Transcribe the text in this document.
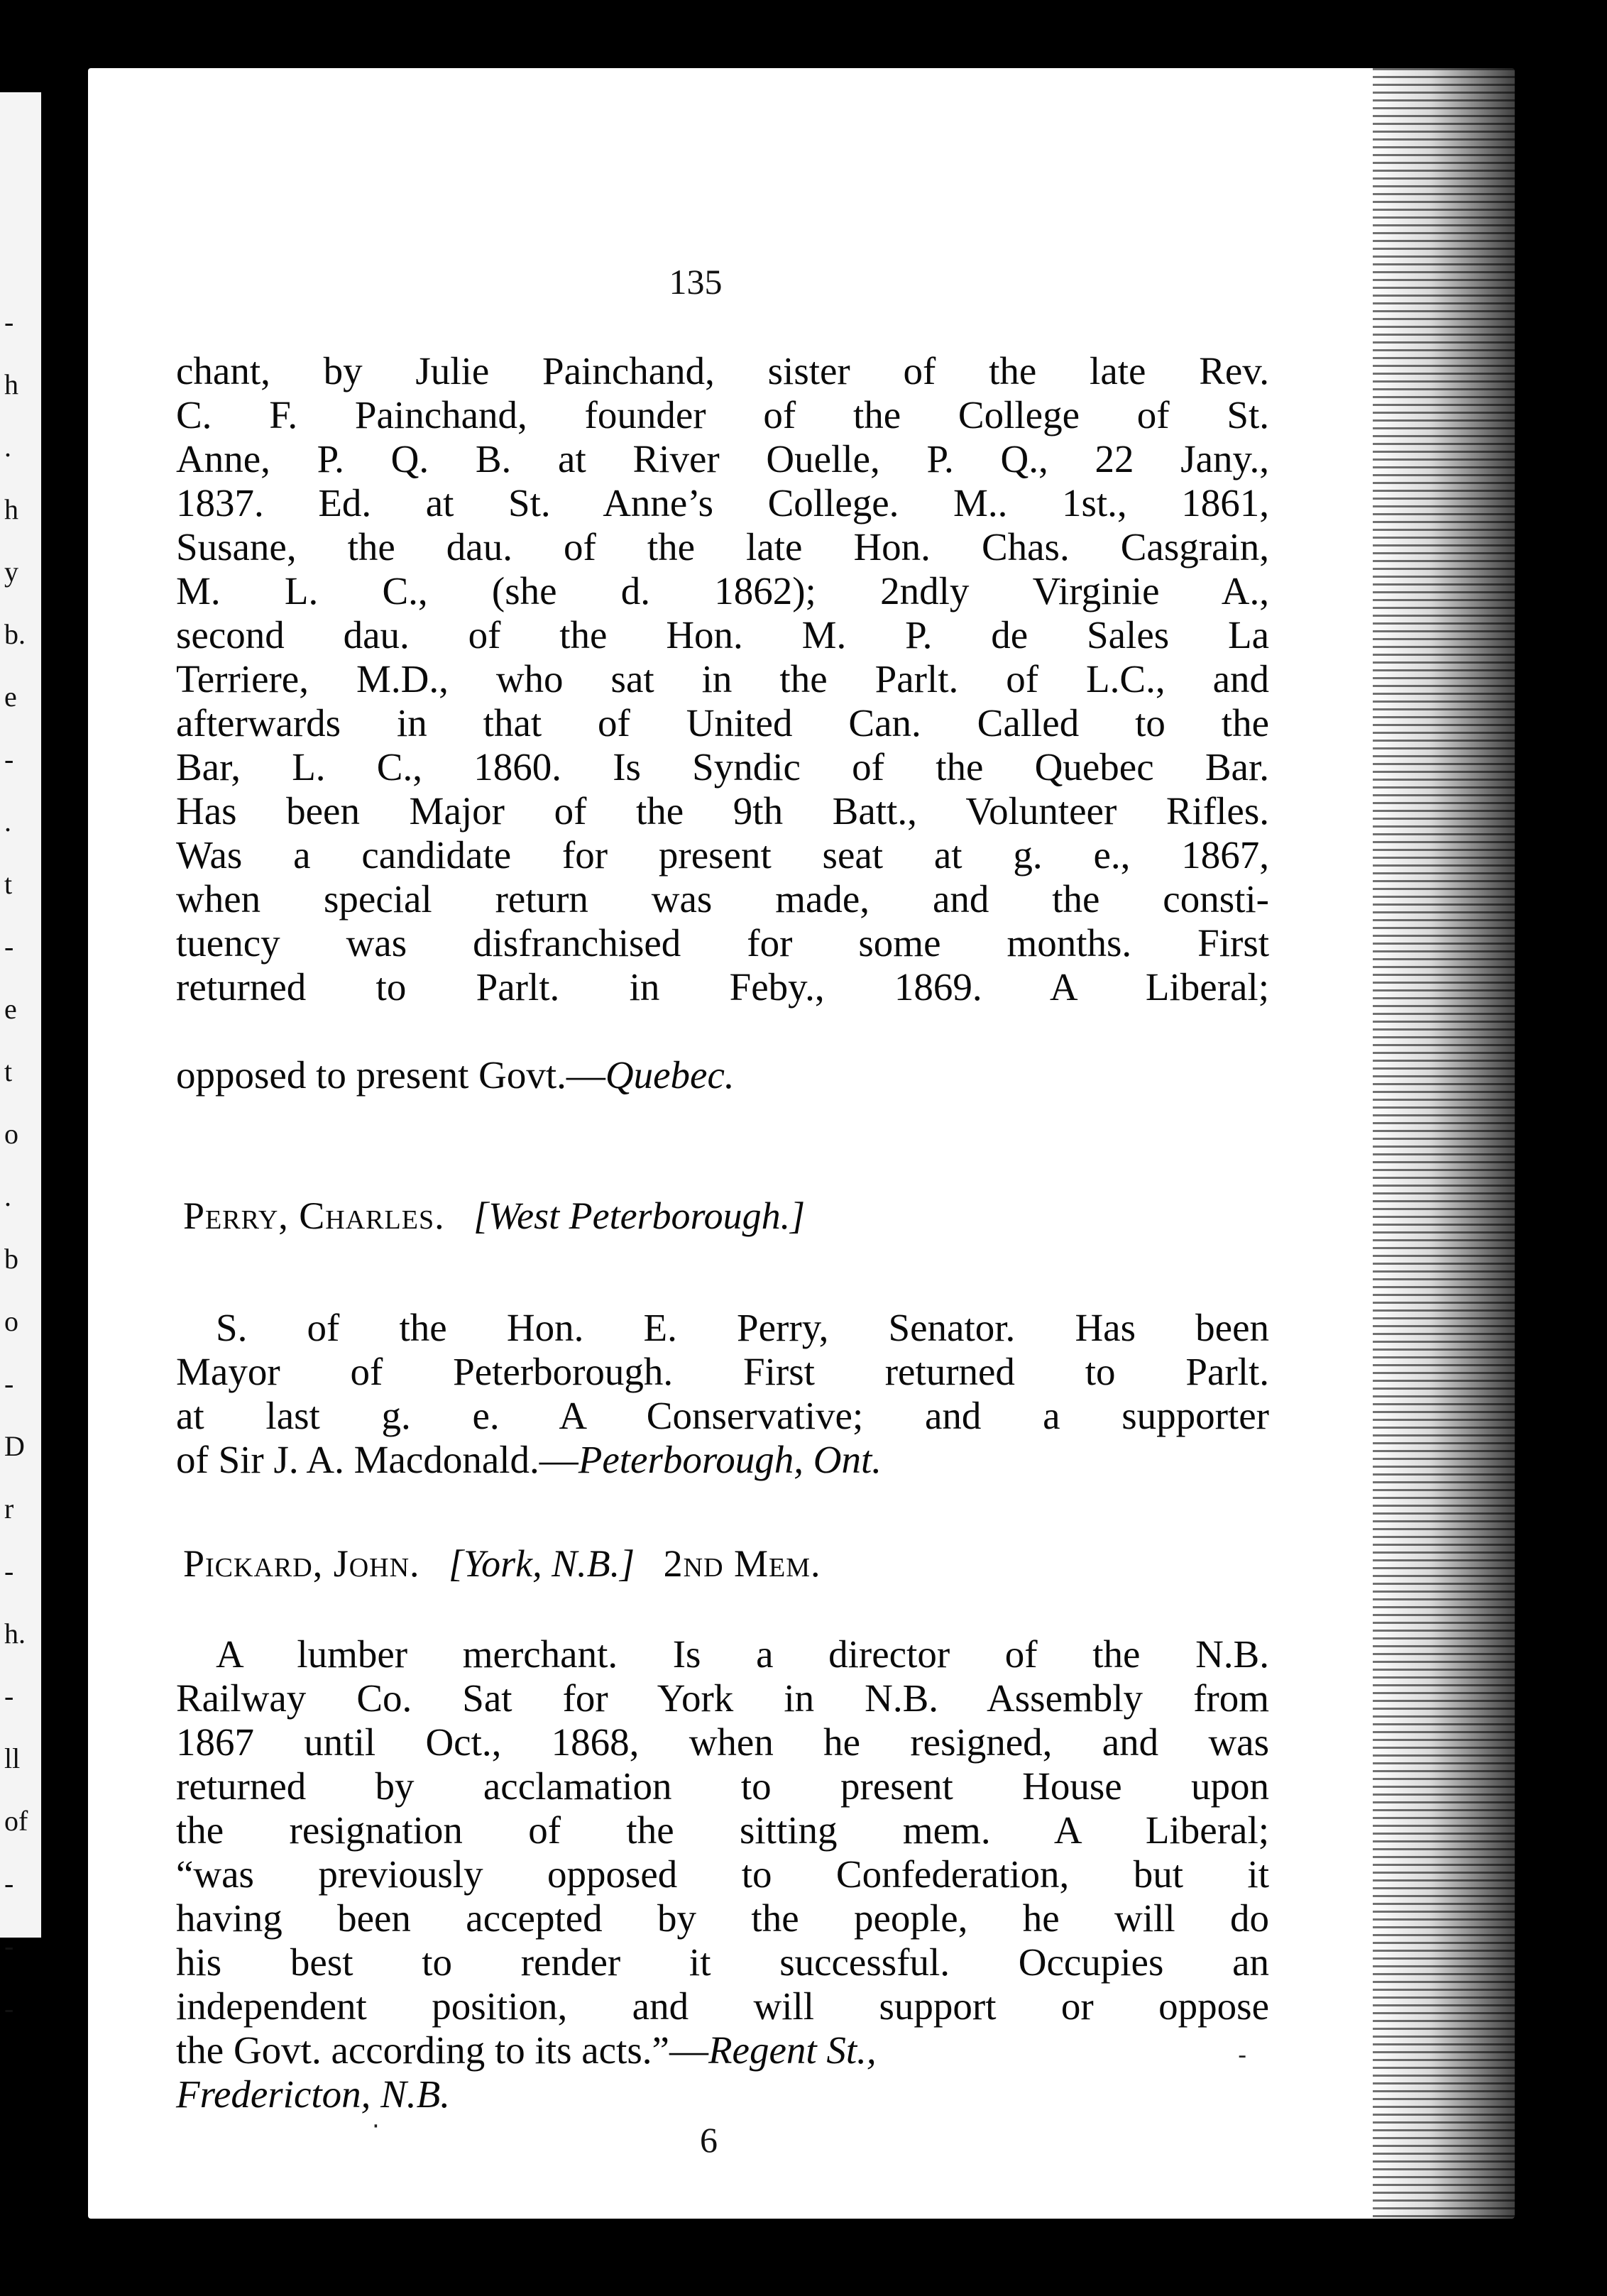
-
h
.
h
y
b.
e
-
.
t
-
e
t
o
.
b
o
-
D
r
-
h.
-
ll
of
-
-
-
135
chant, by Julie Painchand, sister of the late Rev.
C. F. Painchand, founder of the College of St.
Anne, P. Q. B. at River Ouelle, P. Q., 22 Jany.,
1837. Ed. at St. Anne’s College. M.. 1st., 1861,
Susane, the dau. of the late Hon. Chas. Casgrain,
M. L. C., (she d. 1862); 2ndly Virginie A.,
second dau. of the Hon. M. P. de Sales La
Terriere, M.D., who sat in the Parlt. of L.C., and
afterwards in that of United Can. Called to the
Bar, L. C., 1860. Is Syndic of the Quebec Bar.
Has been Major of the 9th Batt., Volunteer Rifles.
Was a candidate for present seat at g. e., 1867,
when special return was made, and the consti-
tuency was disfranchised for some months. First
returned to Parlt. in Feby., 1869. A Liberal;
opposed to present Govt.—Quebec.
Perry, Charles. [West Peterborough.]
S. of the Hon. E. Perry, Senator. Has been
Mayor of Peterborough. First returned to Parlt.
at last g. e. A Conservative; and a supporter
of Sir J. A. Macdonald.—Peterborough, Ont.
Pickard, John. [York, N.B.] 2nd Mem.
A lumber merchant. Is a director of the N.B.
Railway Co. Sat for York in N.B. Assembly from
1867 until Oct., 1868, when he resigned, and was
returned by acclamation to present House upon
the resignation of the sitting mem. A Liberal;
“was previously opposed to Confederation, but it
having been accepted by the people, he will do
his best to render it successful. Occupies an
independent position, and will support or oppose
the Govt. according to its acts.”—Regent St.,
Fredericton, N.B.
6
·
-
